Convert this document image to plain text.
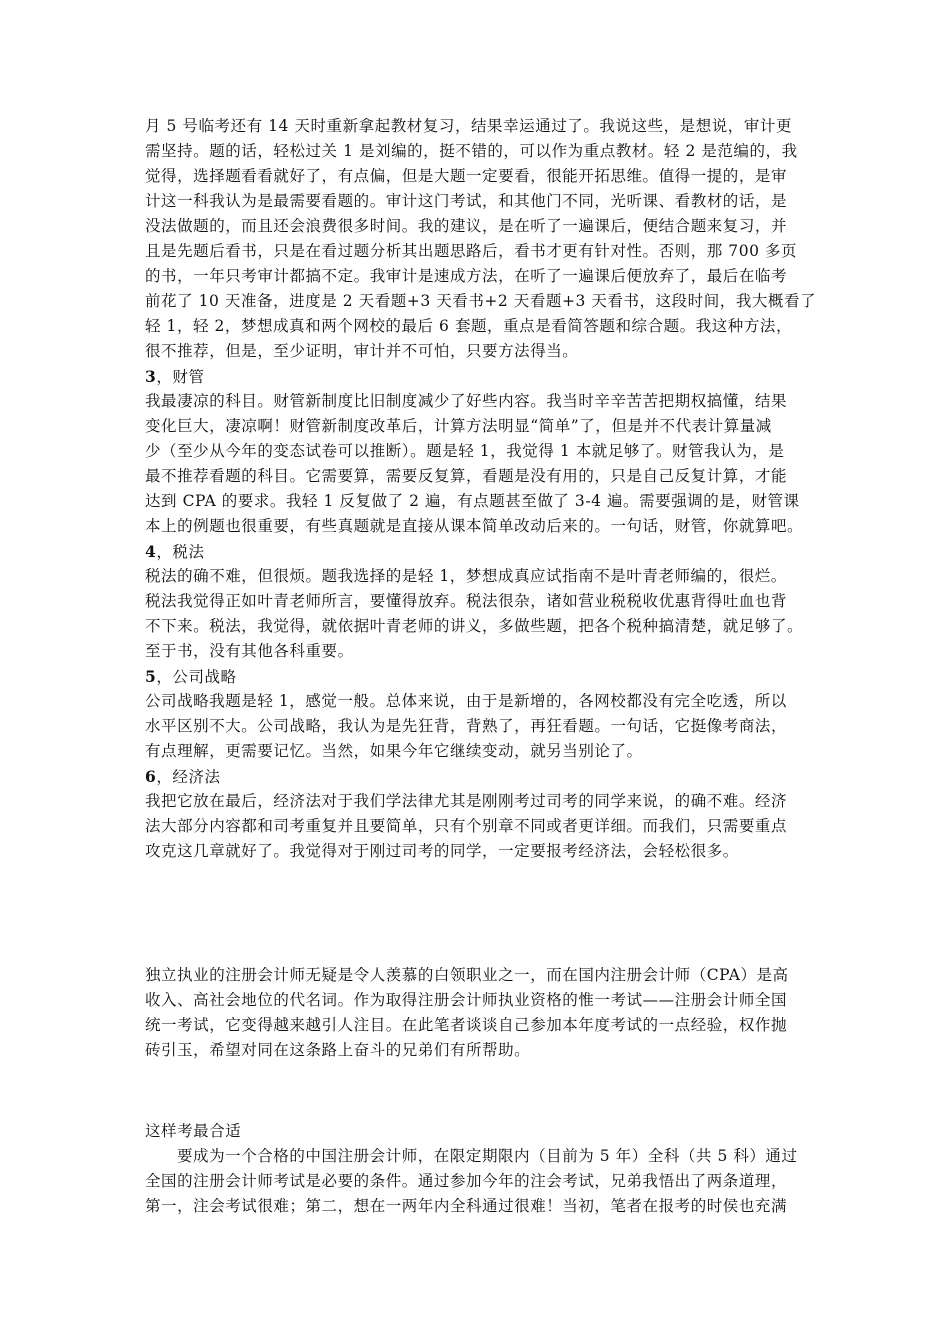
月 5 号临考还有 14 天时重新拿起教材复习，结果幸运通过了。我说这些，是想说，审计更
需坚持。题的话，轻松过关 1 是刘编的，挺不错的，可以作为重点教材。轻 2 是范编的，我
觉得，选择题看看就好了，有点偏，但是大题一定要看，很能开拓思维。值得一提的，是审
计这一科我认为是最需要看题的。审计这门考试，和其他门不同，光听课、看教材的话，是
没法做题的，而且还会浪费很多时间。我的建议，是在听了一遍课后，便结合题来复习，并
且是先题后看书，只是在看过题分析其出题思路后，看书才更有针对性。否则，那 700 多页
的书，一年只考审计都搞不定。我审计是速成方法，在听了一遍课后便放弃了，最后在临考
前花了 10 天准备，进度是 2 天看题+3 天看书+2 天看题+3 天看书，这段时间，我大概看了
轻 1，轻 2，梦想成真和两个网校的最后 6 套题，重点是看简答题和综合题。我这种方法，
很不推荐，但是，至少证明，审计并不可怕，只要方法得当。
3，财管
我最凄凉的科目。财管新制度比旧制度减少了好些内容。我当时辛辛苦苦把期权搞懂，结果
变化巨大，凄凉啊！财管新制度改革后，计算方法明显“简单”了，但是并不代表计算量减
少（至少从今年的变态试卷可以推断）。题是轻 1，我觉得 1 本就足够了。财管我认为，是
最不推荐看题的科目。它需要算，需要反复算，看题是没有用的，只是自己反复计算，才能
达到 CPA 的要求。我轻 1 反复做了 2 遍，有点题甚至做了 3-4 遍。需要强调的是，财管课
本上的例题也很重要，有些真题就是直接从课本简单改动后来的。一句话，财管，你就算吧。
4，税法
税法的确不难，但很烦。题我选择的是轻 1，梦想成真应试指南不是叶青老师编的，很烂。
税法我觉得正如叶青老师所言，要懂得放弃。税法很杂，诸如营业税税收优惠背得吐血也背
不下来。税法，我觉得，就依据叶青老师的讲义，多做些题，把各个税种搞清楚，就足够了。
至于书，没有其他各科重要。
5，公司战略
公司战略我题是轻 1，感觉一般。总体来说，由于是新增的，各网校都没有完全吃透，所以
水平区别不大。公司战略，我认为是先狂背，背熟了，再狂看题。一句话，它挺像考商法，
有点理解，更需要记忆。当然，如果今年它继续变动，就另当别论了。
6，经济法
我把它放在最后，经济法对于我们学法律尤其是刚刚考过司考的同学来说，的确不难。经济
法大部分内容都和司考重复并且要简单，只有个别章不同或者更详细。而我们，只需要重点
攻克这几章就好了。我觉得对于刚过司考的同学，一定要报考经济法，会轻松很多。
独立执业的注册会计师无疑是令人羡慕的白领职业之一，而在国内注册会计师（CPA）是高
收入、高社会地位的代名词。作为取得注册会计师执业资格的惟一考试——注册会计师全国
统一考试，它变得越来越引人注目。在此笔者谈谈自己参加本年度考试的一点经验，权作抛
砖引玉，希望对同在这条路上奋斗的兄弟们有所帮助。
这样考最合适
要成为一个合格的中国注册会计师，在限定期限内（目前为 5 年）全科（共 5 科）通过
全国的注册会计师考试是必要的条件。通过参加今年的注会考试，兄弟我悟出了两条道理，
第一，注会考试很难；第二，想在一两年内全科通过很难！当初，笔者在报考的时侯也充满
